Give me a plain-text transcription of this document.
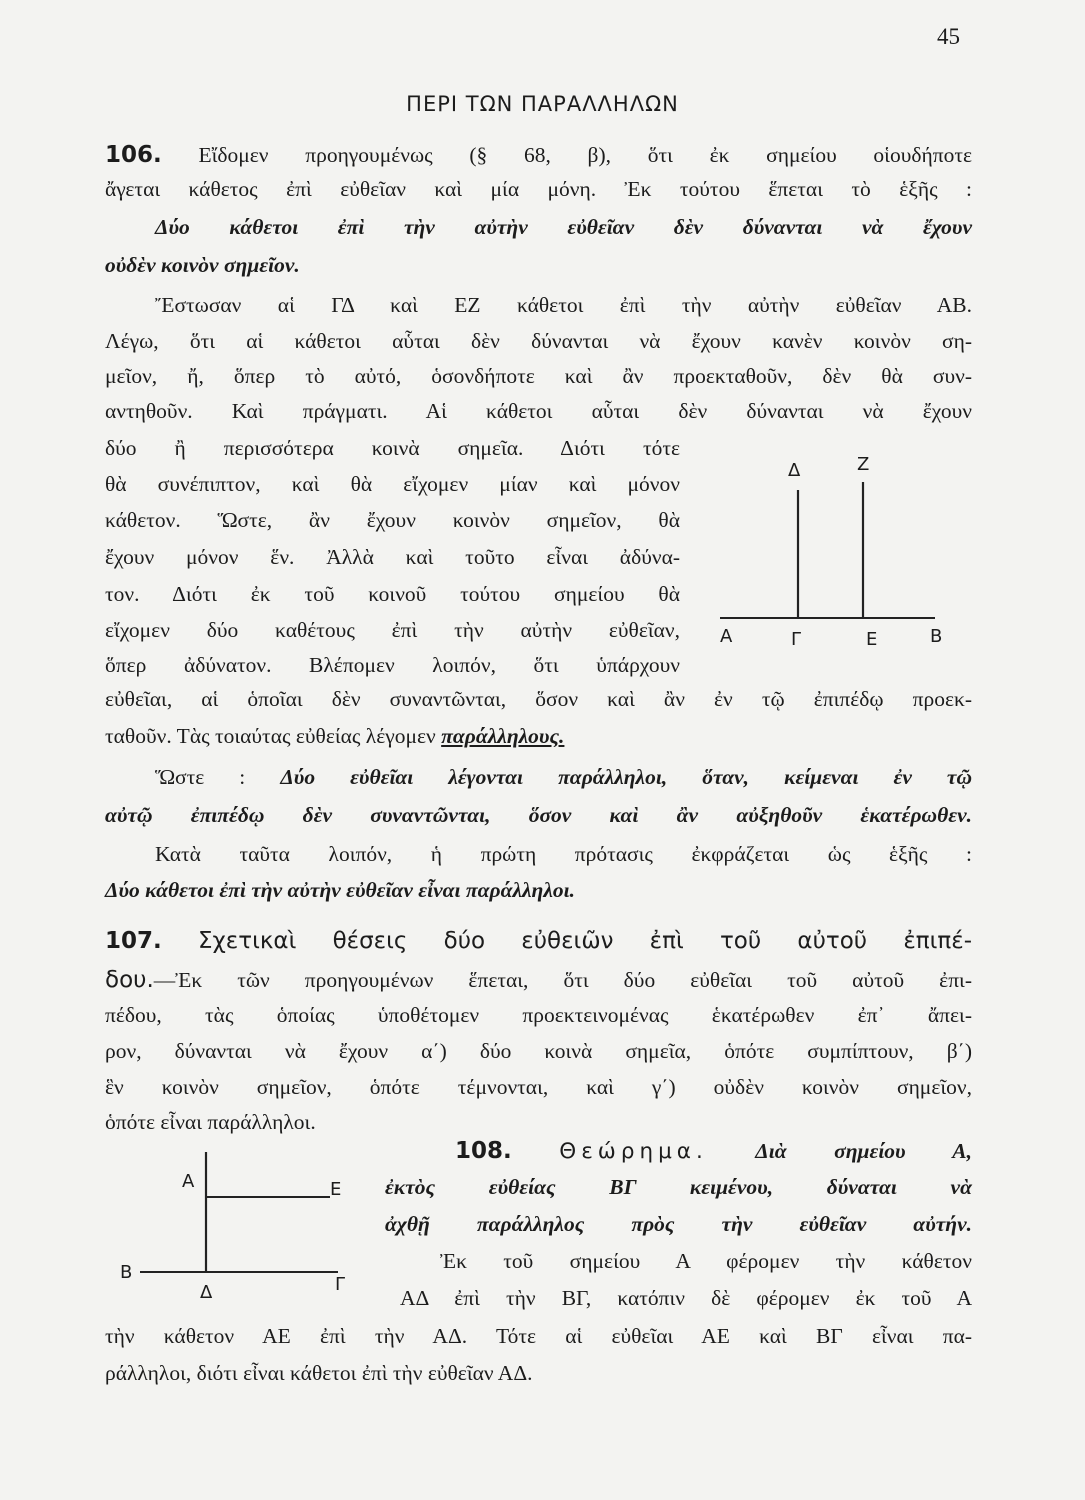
45
ΠΕΡΙ ΤΩΝ ΠΑΡΑΛΛΗΛΩΝ
106. Εἴδομεν προηγουμένως (§ 68, β), ὅτι ἐκ σημείου οἱουδήποτε
ἄγεται κάθετος ἐπὶ εὐθεῖαν καὶ μία μόνη. Ἐκ τούτου ἕπεται τὸ ἑξῆς :
Δύο κάθετοι ἐπὶ τὴν αὐτὴν εὐθεῖαν δὲν δύνανται νὰ ἔχουν
οὐδὲν κοινὸν σημεῖον.
Ἔστωσαν αἱ ΓΔ καὶ ΕΖ κάθετοι ἐπὶ τὴν αὐτὴν εὐθεῖαν ΑΒ.
Λέγω, ὅτι αἱ κάθετοι αὗται δὲν δύνανται νὰ ἔχουν κανὲν κοινὸν ση-
μεῖον, ἤ, ὅπερ τὸ αὐτό, ὁσονδήποτε καὶ ἂν προεκταθοῦν, δὲν θὰ συν-
αντηθοῦν. Καὶ πράγματι. Αἱ κάθετοι αὗται δὲν δύνανται νὰ ἔχουν
δύο ἢ περισσότερα κοινὰ σημεῖα. Διότι τότε
θὰ συνέπιπτον, καὶ θὰ εἴχομεν μίαν καὶ μόνον
κάθετον. Ὥστε, ἂν ἔχουν κοινὸν σημεῖον, θὰ
ἔχουν μόνον ἕν. Ἀλλὰ καὶ τοῦτο εἶναι ἀδύνα-
τον. Διότι ἐκ τοῦ κοινοῦ τούτου σημείου θὰ
εἴχομεν δύο καθέτους ἐπὶ τὴν αὐτὴν εὐθεῖαν,
ὅπερ ἀδύνατον. Βλέπομεν λοιπόν, ὅτι ὑπάρχουν
εὐθεῖαι, αἱ ὁποῖαι δὲν συναντῶνται, ὅσον καὶ ἂν ἐν τῷ ἐπιπέδῳ προεκ-
ταθοῦν. Τὰς τοιαύτας εὐθείας λέγομεν παράλληλους.
Ὥστε : Δύο εὐθεῖαι λέγονται παράλληλοι, ὅταν, κείμεναι ἐν τῷ
αὐτῷ ἐπιπέδῳ δὲν συναντῶνται, ὅσον καὶ ἂν αὐξηθοῦν ἑκατέρωθεν.
Κατὰ ταῦτα λοιπόν, ἡ πρώτη πρότασις ἐκφράζεται ὡς ἑξῆς :
Δύο κάθετοι ἐπὶ τὴν αὐτὴν εὐθεῖαν εἶναι παράλληλοι.
Δ	Ζ
Α	Γ	Ε	Β
107. Σχετικαὶ θέσεις δύο εὐθειῶν ἐπὶ τοῦ αὐτοῦ ἐπιπέ-
δου.—Ἐκ τῶν προηγουμένων ἕπεται, ὅτι δύο εὐθεῖαι τοῦ αὐτοῦ ἐπι-
πέδου, τὰς ὁποίας ὑποθέτομεν προεκτεινομένας ἑκατέρωθεν ἐπ᾽ ἄπει-
ρον, δύνανται νὰ ἔχουν α΄) δύο κοινὰ σημεῖα, ὁπότε συμπίπτουν, β΄)
ἓν κοινὸν σημεῖον, ὁπότε τέμνονται, καὶ γ΄) οὐδὲν κοινὸν σημεῖον,
ὁπότε εἶναι παράλληλοι.
108. Θεώρημα. Διὰ σημείου Α,
ἐκτὸς εὐθείας ΒΓ κειμένου, δύναται νὰ
ἀχθῇ παράλληλος πρὸς τὴν εὐθεῖαν αὐτήν.
Ἐκ τοῦ σημείου Α φέρομεν τὴν κάθετον
ΑΔ ἐπὶ τὴν ΒΓ, κατόπιν δὲ φέρομεν ἐκ τοῦ Α
τὴν κάθετον ΑΕ ἐπὶ τὴν ΑΔ. Τότε αἱ εὐθεῖαι ΑΕ καὶ ΒΓ εἶναι πα-
ράλληλοι, διότι εἶναι κάθετοι ἐπὶ τὴν εὐθεῖαν ΑΔ.
Α	Ε
Β
Δ	Γ
